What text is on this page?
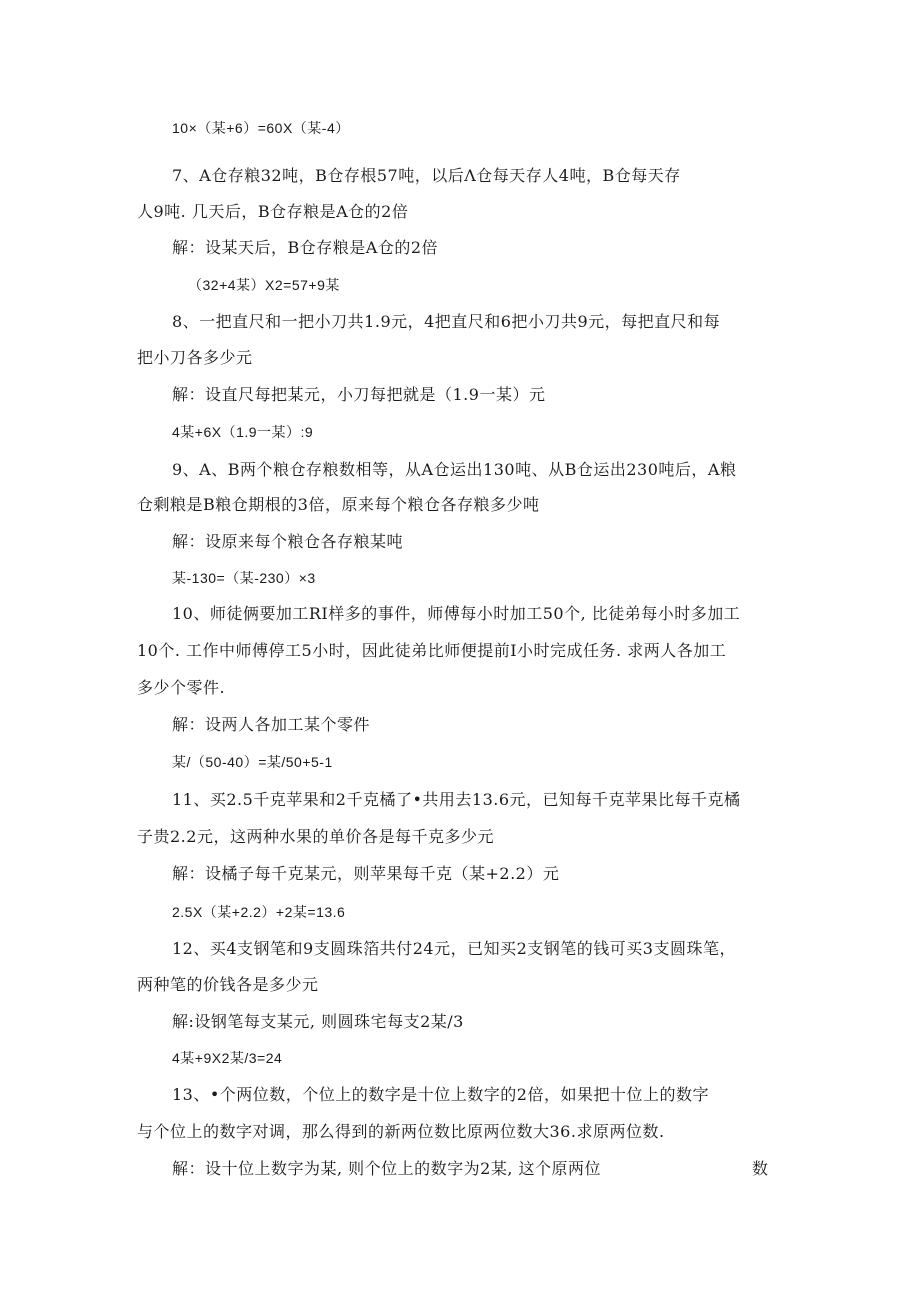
10×（某+6）=60X（某-4）
7、A仓存粮32吨，B仓存根57吨，以后Λ仓每天存人4吨，B仓每天存
人9吨. 几天后，B仓存粮是A仓的2倍
解：设某天后，B仓存粮是A仓的2倍
（32+4某）X2=57+9某
8、一把直尺和一把小刀共1.9元，4把直尺和6把小刀共9元，每把直尺和每
把小刀各多少元
解：设直尺每把某元，小刀每把就是（1.9一某）元
4某+6X（1.9一某）:9
9、A、B两个粮仓存粮数相等，从A仓运出130吨、从B仓运出230吨后，A粮
仓剩粮是B粮仓期根的3倍，原来每个粮仓各存粮多少吨
解：设原来每个粮仓各存粮某吨
某-130=（某-230）×3
10、师徒俩要加工RI样多的事件，师傅每小时加工50个, 比徒弟每小时多加工
10个. 工作中师傅停工5小时，因此徒弟比师便提前I小时完成任务. 求两人各加工
多少个零件.
解：设两人各加工某个零件
某/（50-40）=某/50+5-1
11、买2.5千克苹果和2千克橘了•共用去13.6元，已知每千克苹果比每千克橘
子贵2.2元，这两种水果的单价各是每千克多少元
解：设橘子每千克某元，则苹果每千克（某+2.2）元
2.5X（某+2.2）+2某=13.6
12、买4支钢笔和9支圆珠箔共付24元，已知买2支钢笔的钱可买3支圆珠笔，
两种笔的价钱各是多少元
解:设钢笔每支某元, 则圆珠宅每支2某/3
4某+9X2某/3=24
13、•个两位数，个位上的数字是十位上数字的2倍，如果把十位上的数字
与个位上的数字对调，那么得到的新两位数比原两位数大36.求原两位数.
解：设十位上数字为某, 则个位上的数字为2某, 这个原两位	数
